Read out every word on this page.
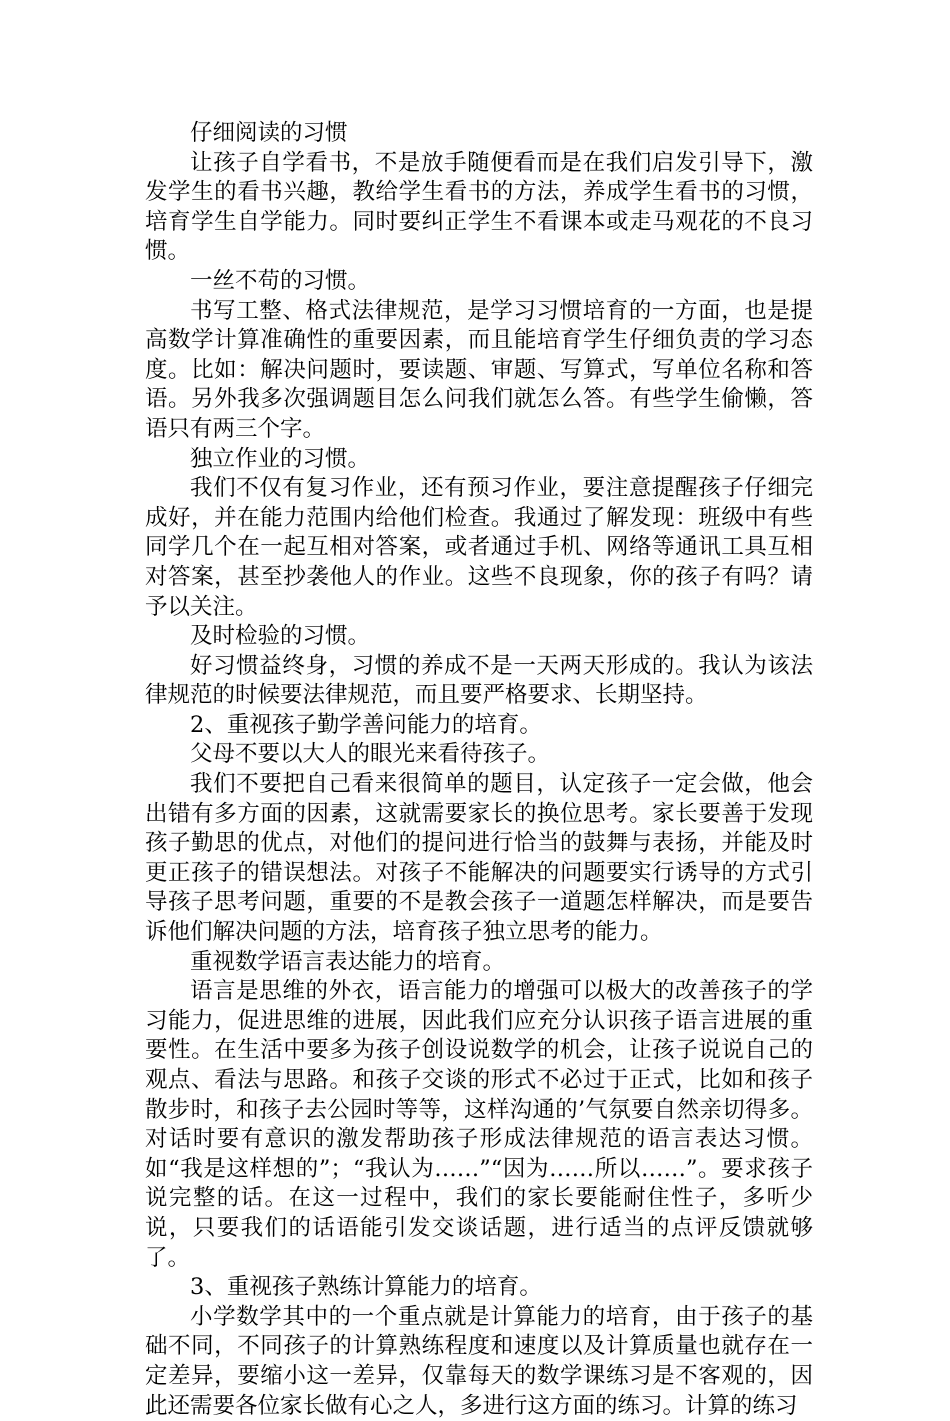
仔细阅读的习惯

让孩子自学看书，不是放手随便看而是在我们启发引导下，激发学生的看书兴趣，教给学生看书的方法，养成学生看书的习惯，培育学生自学能力。同时要纠正学生不看课本或走马观花的不良习惯。

一丝不苟的习惯。

书写工整、格式法律规范，是学习习惯培育的一方面，也是提高数学计算准确性的重要因素，而且能培育学生仔细负责的学习态度。比如：解决问题时，要读题、审题、写算式，写单位名称和答语。另外我多次强调题目怎么问我们就怎么答。有些学生偷懒，答语只有两三个字。

独立作业的习惯。

我们不仅有复习作业，还有预习作业，要注意提醒孩子仔细完成好，并在能力范围内给他们检查。我通过了解发现：班级中有些同学几个在一起互相对答案，或者通过手机、网络等通讯工具互相对答案，甚至抄袭他人的作业。这些不良现象，你的孩子有吗？请予以关注。

及时检验的习惯。

好习惯益终身，习惯的养成不是一天两天形成的。我认为该法律规范的时候要法律规范，而且要严格要求、长期坚持。

2、重视孩子勤学善问能力的培育。

父母不要以大人的眼光来看待孩子。

我们不要把自己看来很简单的题目，认定孩子一定会做，他会出错有多方面的因素，这就需要家长的换位思考。家长要善于发现孩子勤思的优点，对他们的提问进行恰当的鼓舞与表扬，并能及时更正孩子的错误想法。对孩子不能解决的问题要实行诱导的方式引导孩子思考问题，重要的不是教会孩子一道题怎样解决，而是要告诉他们解决问题的方法，培育孩子独立思考的能力。

重视数学语言表达能力的培育。

语言是思维的外衣，语言能力的增强可以极大的改善孩子的学习能力，促进思维的进展，因此我们应充分认识孩子语言进展的重要性。在生活中要多为孩子创设说数学的机会，让孩子说说自己的观点、看法与思路。和孩子交谈的形式不必过于正式，比如和孩子散步时，和孩子去公园时等等，这样沟通的’气氛要自然亲切得多。对话时要有意识的激发帮助孩子形成法律规范的语言表达习惯。如“我是这样想的”；“我认为……”“因为……所以……”。要求孩子说完整的话。在这一过程中，我们的家长要能耐住性子，多听少说，只要我们的话语能引发交谈话题，进行适当的点评反馈就够了。

3、重视孩子熟练计算能力的培育。

小学数学其中的一个重点就是计算能力的培育，由于孩子的基础不同，不同孩子的计算熟练程度和速度以及计算质量也就存在一定差异，要缩小这一差异，仅靠每天的数学课练习是不客观的，因此还需要各位家长做有心之人，多进行这方面的练习。计算的练习
